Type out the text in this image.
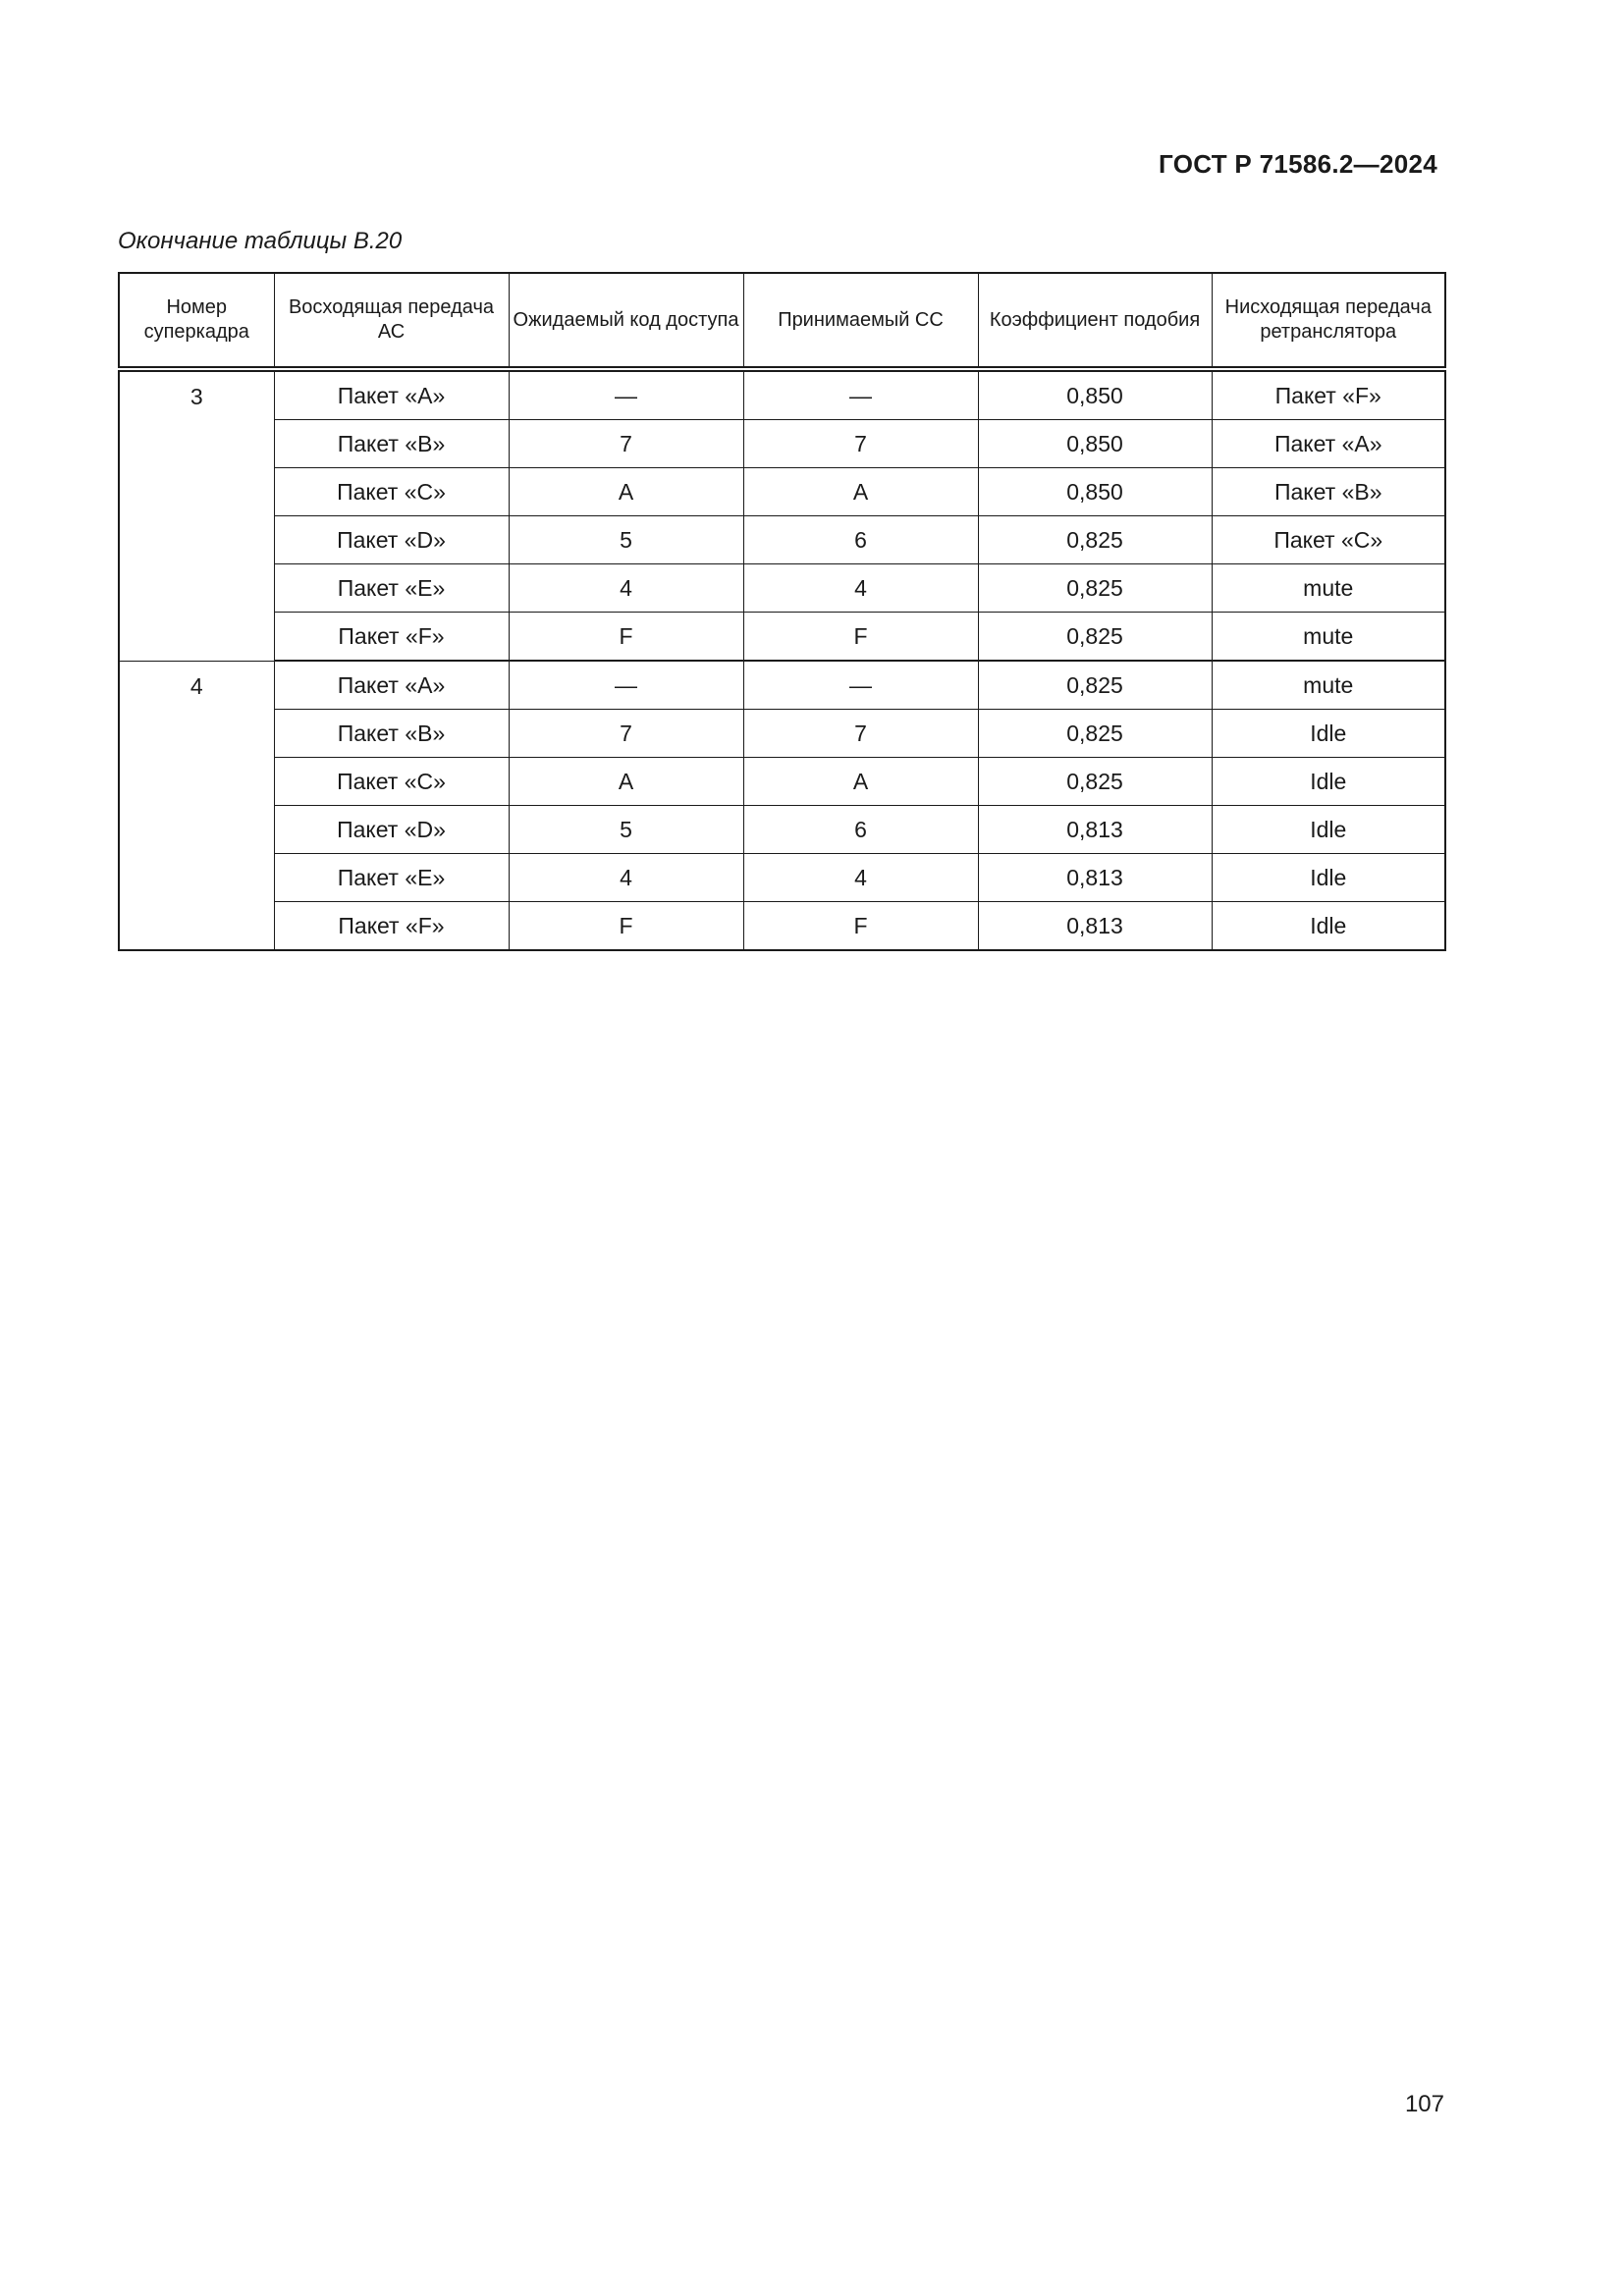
ГОСТ Р 71586.2—2024
Окончание таблицы В.20
Номер суперкадра	Восходящая передача АС	Ожидаемый код доступа	Принимаемый СС	Коэффициент подобия	Нисходящая передача ретранслятора
3	Пакет «А»	—	—	0,850	Пакет «F»
	Пакет «В»	7	7	0,850	Пакет «А»
	Пакет «С»	А	А	0,850	Пакет «В»
	Пакет «D»	5	6	0,825	Пакет «С»
	Пакет «Е»	4	4	0,825	mute
	Пакет «F»	F	F	0,825	mute
4	Пакет «А»	—	—	0,825	mute
	Пакет «В»	7	7	0,825	Idle
	Пакет «С»	А	А	0,825	Idle
	Пакет «D»	5	6	0,813	Idle
	Пакет «Е»	4	4	0,813	Idle
	Пакет «F»	F	F	0,813	Idle
107
